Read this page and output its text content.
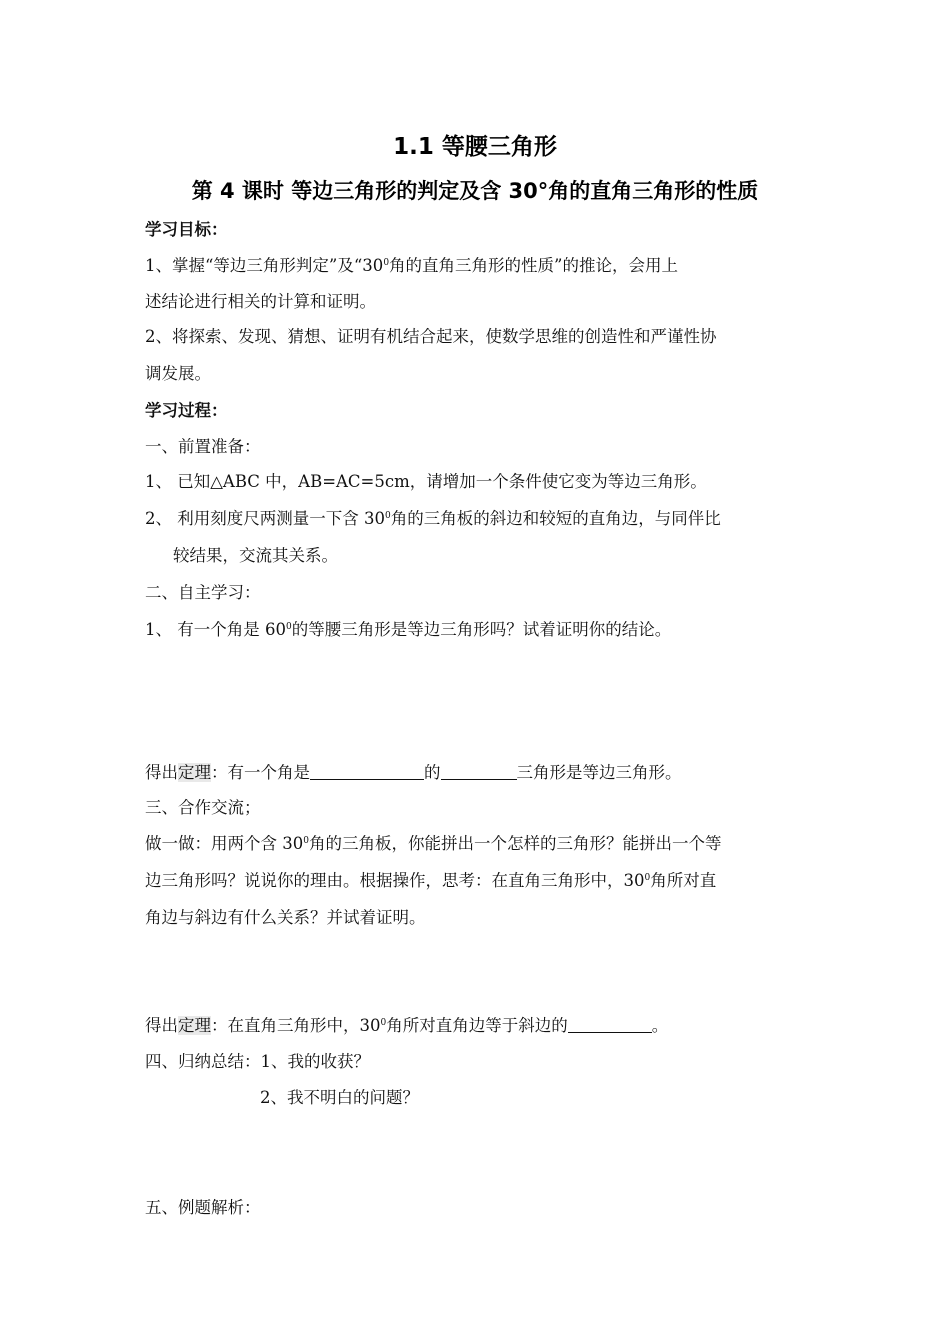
1.1 等腰三角形
第 4 课时 等边三角形的判定及含 30°角的直角三角形的性质
学习目标：
1、掌握“等边三角形判定”及“$30^0$角的直角三角形的性质”的推论，会用上
述结论进行相关的计算和证明。
2、将探索、发现、猜想、证明有机结合起来，使数学思维的创造性和严谨性协
调发展。
学习过程：
一、前置准备：
1、 已知△ABC 中，AB=AC=5cm，请增加一个条件使它变为等边三角形。
2、 利用刻度尺两测量一下含 $30^0$角的三角板的斜边和较短的直角边，与同伴比
较结果，交流其关系。
二、自主学习：
1、 有一个角是 $60^0$的等腰三角形是等边三角形吗？试着证明你的结论。
得出定理：有一个角是	的	三角形是等边三角形。
三、合作交流；
做一做：用两个含 $30^0$角的三角板，你能拼出一个怎样的三角形？能拼出一个等
边三角形吗？说说你的理由。根据操作，思考：在直角三角形中，$30^0$角所对直
角边与斜边有什么关系？并试着证明。
得出定理：在直角三角形中，$30^0$角所对直角边等于斜边的	。
四、归纳总结：1、我的收获？
2、我不明白的问题？
五、例题解析：
